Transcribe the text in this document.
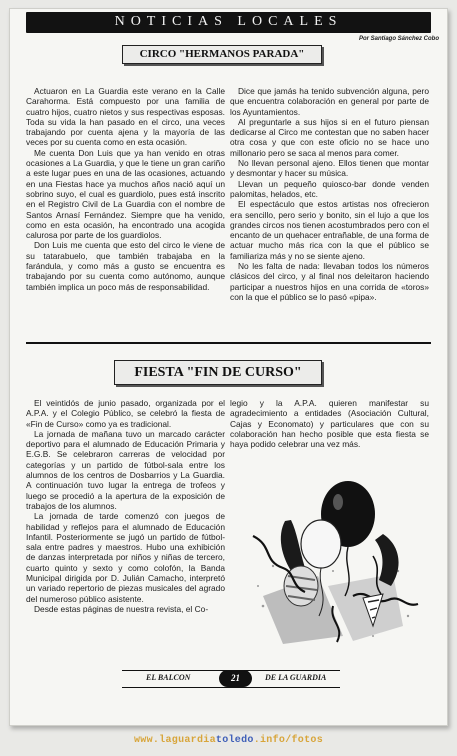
NOTICIAS LOCALES
Por Santiago Sánchez Cobo
CIRCO "HERMANOS PARADA"

Actuaron en La Guardia este verano en la Calle Carahorma. Está compuesto por una familia de cuatro hijos, cuatro nietos y sus respectivas esposas. Toda su vida la han pasado en el circo, una veces trabajando por cuenta ajena y la mayoría de las veces por su cuenta como en esta ocasión.

Me cuenta Don Luis que ya han venido en otras ocasiones a La Guardia, y que le tiene un gran cariño a este lugar pues en una de las ocasiones, actuando en una Fiestas hace ya muchos años nació aquí un sobrino suyo, el cual es guardiolo, pues está inscrito en el Registro Civil de La Guardia con el nombre de Santos Arnasí Fernández. Siempre que ha venido, como en esta ocasión, ha encontrado una acogida calurosa por parte de los guardiolos.

Don Luis me cuenta que esto del circo le viene de su tatarabuelo, que también trabajaba en la farándula, y como más a gusto se encuentra es trabajando por su cuenta como autónomo, aunque también implica un poco más de responsabilidad.

Dice que jamás ha tenido subvención alguna, pero que encuentra colaboración en general por parte de los Ayuntamientos.

Al preguntarle a sus hijos si en el futuro piensan dedicarse al Circo me contestan que no saben hacer otra cosa y que con este oficio no se hace uno millonario pero se saca al menos para comer.

No llevan personal ajeno. Ellos tienen que montar y desmontar y hacer su música.

Llevan un pequeño quiosco-bar donde venden palomitas, helados, etc.

El espectáculo que estos artistas nos ofrecieron era sencillo, pero serio y bonito, sin el lujo a que los grandes circos nos tienen acostumbrados pero con el encanto de un quehacer entrañable, de una forma de actuar mucho más rica con la que el público se familiariza más y no se siente ajeno.

No les falta de nada: llevaban todos los números clásicos del circo, y al final nos deleitaron haciendo participar a nuestros hijos en una corrida de «toros» con la que el público se lo pasó «pipa».

FIESTA "FIN DE CURSO"

El veintidós de junio pasado, organizada por el A.P.A. y el Colegio Público, se celebró la fiesta de «Fin de Curso» como ya es tradicional.

La jornada de mañana tuvo un marcado carácter deportivo para el alumnado de Educación Primaria y E.G.B. Se celebraron carreras de velocidad por categorías y un partido de fútbol-sala entre los alumnos de los centros de Dosbarrios y La Guardia. A continuación tuvo lugar la entrega de trofeos y luego se procedió a la apertura de la exposición de trabajos de los alumnos.

La jornada de tarde comenzó con juegos de habilidad y reflejos para el alumnado de Educación Infantil. Posteriormente se jugó un partido de fútbol-sala entre padres y maestros. Hubo una exhibición de danzas interpretada por niños y niñas de tercero, cuarto quinto y sexto y como colofón, la Banda Municipal dirigida por D. Julián Camacho, interpretó un variado repertorio de piezas musicales del agrado del numeroso público asistente.

Desde estas páginas de nuestra revista, el Co-

legio y la A.P.A. quieren manifestar su agradecimiento a entidades (Asociación Cultural, Cajas y Economato) y particulares que con su colaboración han hecho posible que esta fiesta se haya podido celebrar una vez más.

EL BALCON	21	DE LA GUARDIA
www.laguardiatoledo.info/fotos
